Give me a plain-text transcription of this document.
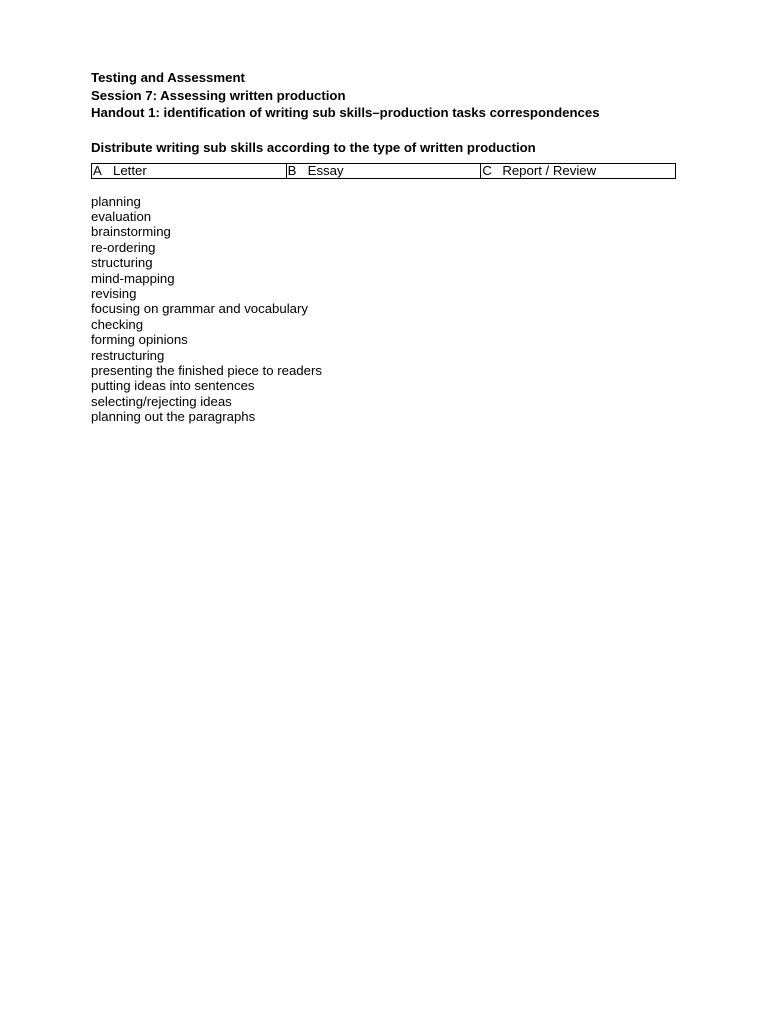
Testing and Assessment
Session 7: Assessing written production
Handout 1: identification of writing sub skills–production tasks correspondences
Distribute writing sub skills according to the type of written production
A Letter	B Essay	C Report / Review
planning
evaluation
brainstorming
re-ordering
structuring
mind-mapping
revising
focusing on grammar and vocabulary
checking
forming opinions
restructuring
presenting the finished piece to readers
putting ideas into sentences
selecting/rejecting ideas
planning out the paragraphs
